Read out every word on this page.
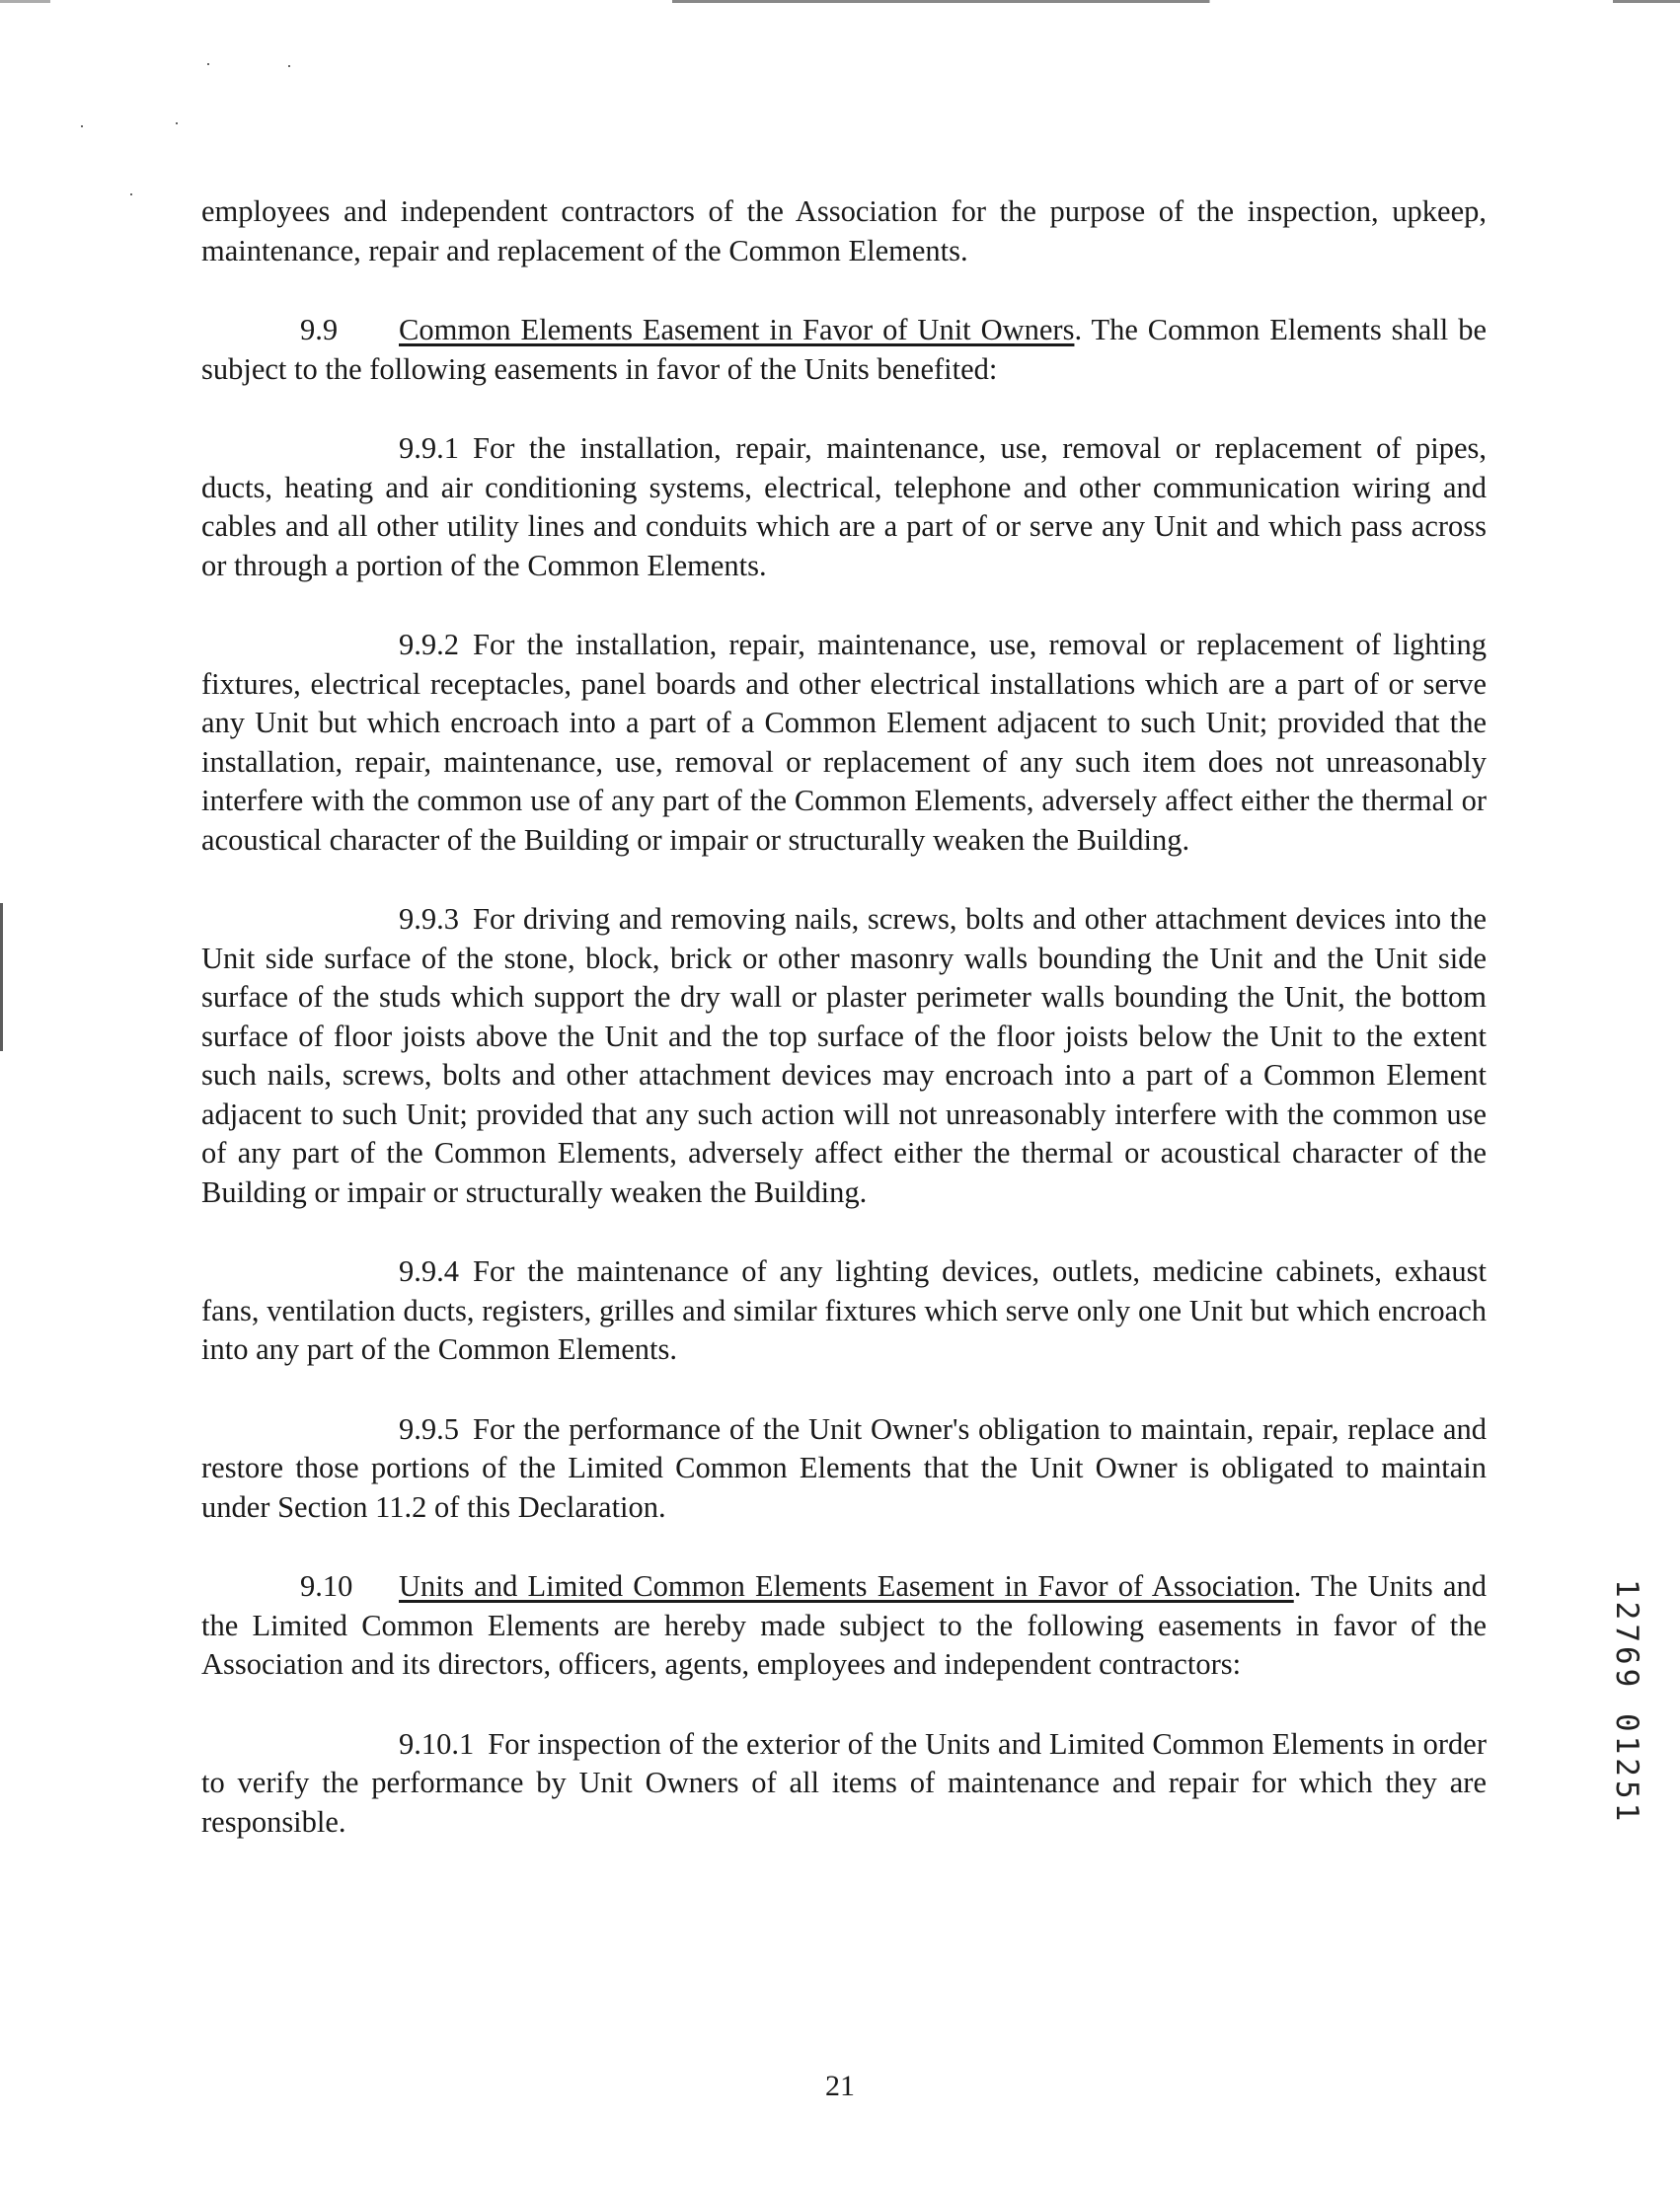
employees and independent contractors of the Association for the purpose of the inspection, upkeep, maintenance, repair and replacement of the Common Elements.

9.9 Common Elements Easement in Favor of Unit Owners. The Common Elements shall be subject to the following easements in favor of the Units benefited:

9.9.1 For the installation, repair, maintenance, use, removal or replacement of pipes, ducts, heating and air conditioning systems, electrical, telephone and other communication wiring and cables and all other utility lines and conduits which are a part of or serve any Unit and which pass across or through a portion of the Common Elements.

9.9.2 For the installation, repair, maintenance, use, removal or replacement of lighting fixtures, electrical receptacles, panel boards and other electrical installations which are a part of or serve any Unit but which encroach into a part of a Common Element adjacent to such Unit; provided that the installation, repair, maintenance, use, removal or replacement of any such item does not unreasonably interfere with the common use of any part of the Common Elements, adversely affect either the thermal or acoustical character of the Building or impair or structurally weaken the Building.

9.9.3 For driving and removing nails, screws, bolts and other attachment devices into the Unit side surface of the stone, block, brick or other masonry walls bounding the Unit and the Unit side surface of the studs which support the dry wall or plaster perimeter walls bounding the Unit, the bottom surface of floor joists above the Unit and the top surface of the floor joists below the Unit to the extent such nails, screws, bolts and other attachment devices may encroach into a part of a Common Element adjacent to such Unit; provided that any such action will not unreasonably interfere with the common use of any part of the Common Elements, adversely affect either the thermal or acoustical character of the Building or impair or structurally weaken the Building.

9.9.4 For the maintenance of any lighting devices, outlets, medicine cabinets, exhaust fans, ventilation ducts, registers, grilles and similar fixtures which serve only one Unit but which encroach into any part of the Common Elements.

9.9.5 For the performance of the Unit Owner's obligation to maintain, repair, replace and restore those portions of the Limited Common Elements that the Unit Owner is obligated to maintain under Section 11.2 of this Declaration.

9.10 Units and Limited Common Elements Easement in Favor of Association. The Units and the Limited Common Elements are hereby made subject to the following easements in favor of the Association and its directors, officers, agents, employees and independent contractors:

9.10.1 For inspection of the exterior of the Units and Limited Common Elements in order to verify the performance by Unit Owners of all items of maintenance and repair for which they are responsible.	12769 01251
21
